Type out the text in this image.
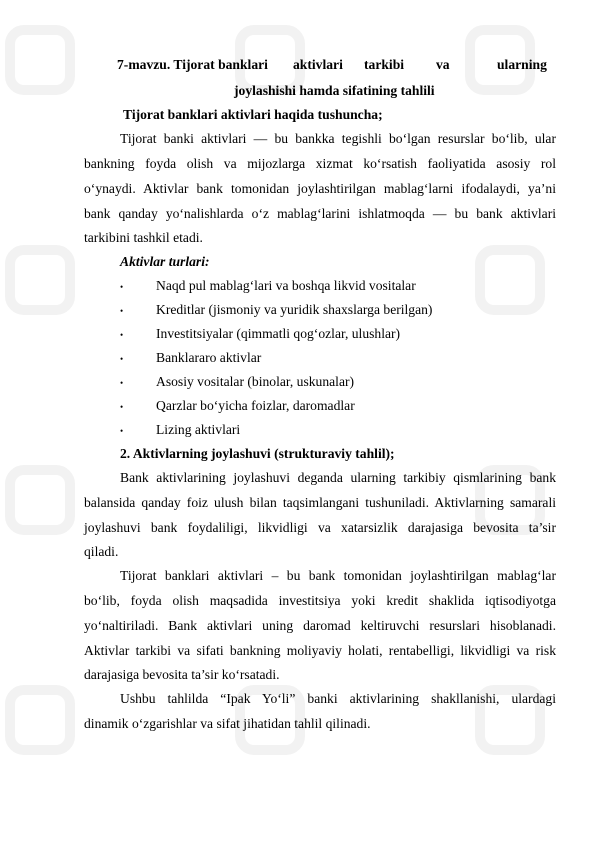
7-mavzu. Tijorat banklari aktivlari tarkibi va	ularning
joylashishi hamda sifatining tahlili
Tijorat banklari aktivlari haqida tushuncha;
Tijorat banki aktivlari — bu bankka tegishli bo‘lgan resurslar bo‘lib, ular
bankning foyda olish va mijozlarga xizmat ko‘rsatish faoliyatida asosiy rol
o‘ynaydi. Aktivlar bank tomonidan joylashtirilgan mablag‘larni ifodalaydi, ya’ni
bank qanday yo‘nalishlarda o‘z mablag‘larini ishlatmoqda — bu bank aktivlari
tarkibini tashkil etadi.
Aktivlar turlari:
• Naqd pul mablag‘lari va boshqa likvid vositalar
• Kreditlar (jismoniy va yuridik shaxslarga berilgan)
• Investitsiyalar (qimmatli qog‘ozlar, ulushlar)
• Banklararo aktivlar
• Asosiy vositalar (binolar, uskunalar)
• Qarzlar bo‘yicha foizlar, daromadlar
• Lizing aktivlari
2. Aktivlarning joylashuvi (strukturaviy tahlil);
Bank aktivlarining joylashuvi deganda ularning tarkibiy qismlarining bank
balansida qanday foiz ulush bilan taqsimlangani tushuniladi. Aktivlarning samarali
joylashuvi bank foydaliligi, likvidligi va xatarsizlik darajasiga bevosita ta’sir
qiladi.
Tijorat banklari aktivlari – bu bank tomonidan joylashtirilgan mablag‘lar
bo‘lib, foyda olish maqsadida investitsiya yoki kredit shaklida iqtisodiyotga
yo‘naltiriladi. Bank aktivlari uning daromad keltiruvchi resurslari hisoblanadi.
Aktivlar tarkibi va sifati bankning moliyaviy holati, rentabelligi, likvidligi va risk
darajasiga bevosita ta’sir ko‘rsatadi.
Ushbu tahlilda “Ipak Yo‘li” banki aktivlarining shakllanishi, ulardagi
dinamik o‘zgarishlar va sifat jihatidan tahlil qilinadi.
